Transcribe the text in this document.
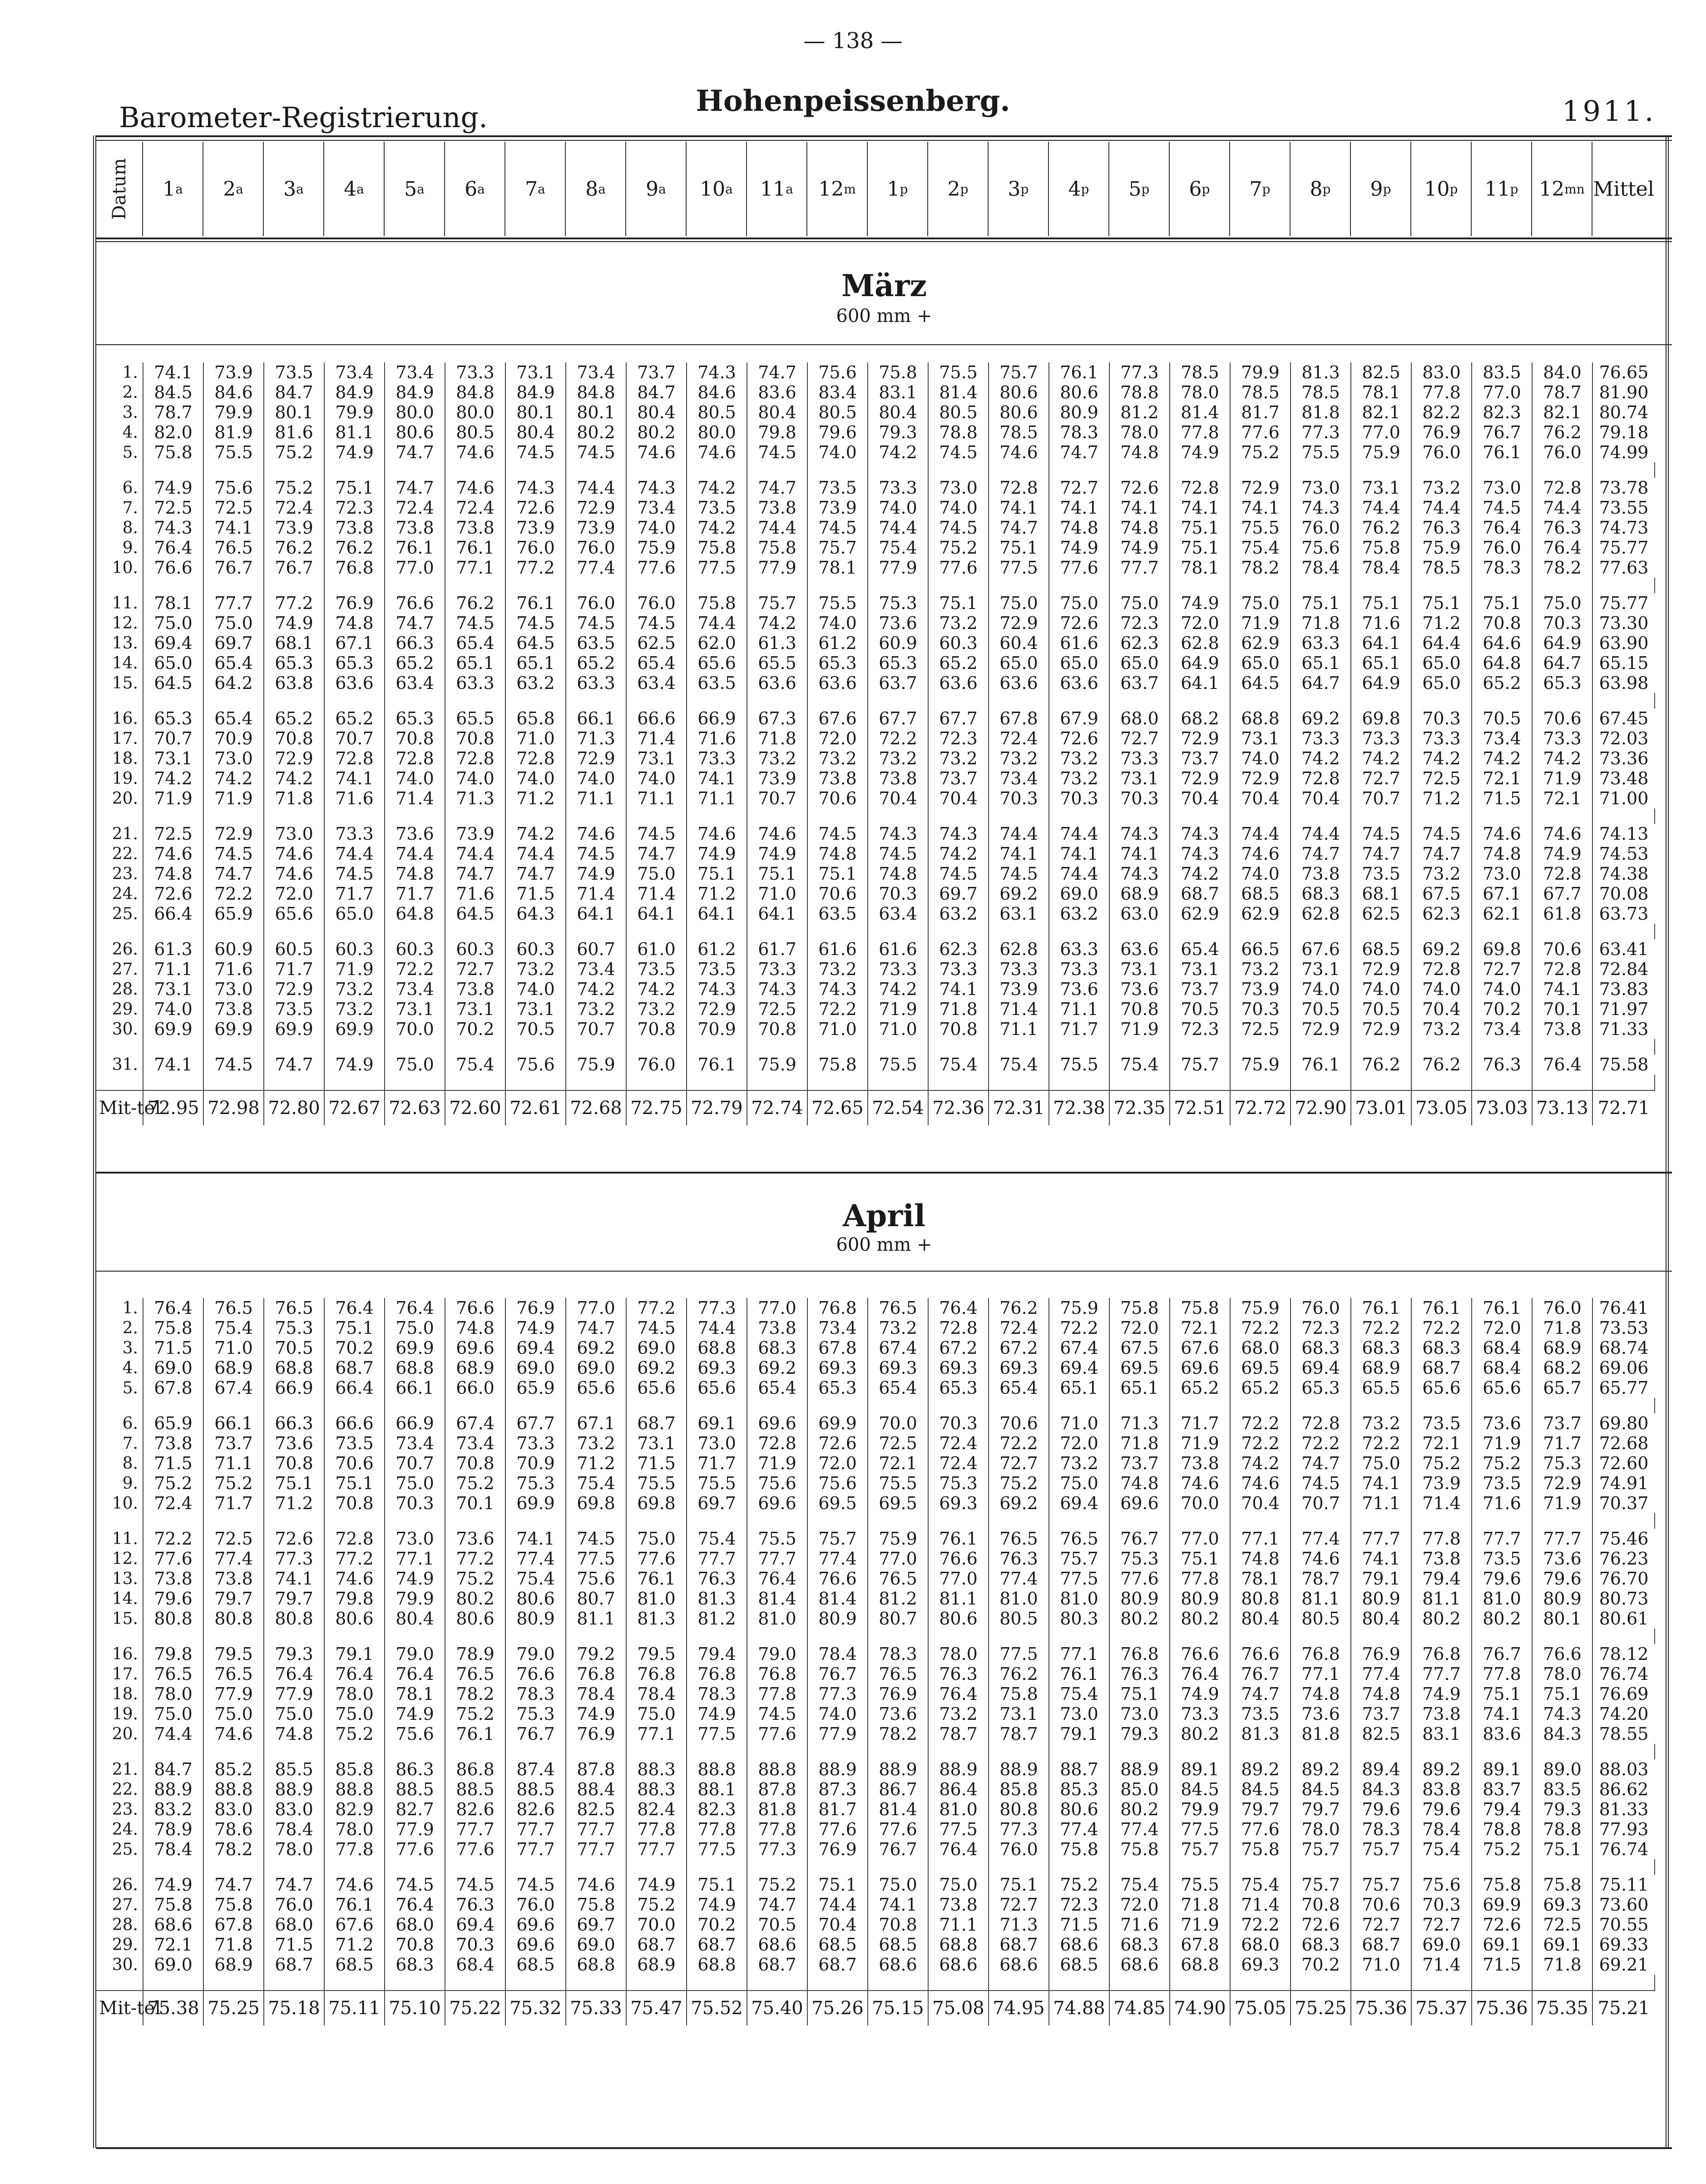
— 138 —
Barometer-Registrierung.	Hohenpeissenberg.	1911.
Datum 1 a 2 a 3 a 4 a 5 a 6 a 7 a 8 a 9 a 10 a 11 a 12 m 1 p 2 p 3 p 4 p 5 p 6 p 7 p 8 p 9 p 10 p 11 p 12 mn Mittel
März
600 mm +
1.	74.1	73.9	73.5	73.4	73.4	73.3	73.1	73.4	73.7	74.3	74.7	75.6	75.8	75.5	75.7	76.1	77.3	78.5	79.9	81.3	82.5	83.0	83.5	84.0	76.65
2.	84.5	84.6	84.7	84.9	84.9	84.8	84.9	84.8	84.7	84.6	83.6	83.4	83.1	81.4	80.6	80.6	78.8	78.0	78.5	78.5	78.1	77.8	77.0	78.7	81.90
3.	78.7	79.9	80.1	79.9	80.0	80.0	80.1	80.1	80.4	80.5	80.4	80.5	80.4	80.5	80.6	80.9	81.2	81.4	81.7	81.8	82.1	82.2	82.3	82.1	80.74
4.	82.0	81.9	81.6	81.1	80.6	80.5	80.4	80.2	80.2	80.0	79.8	79.6	79.3	78.8	78.5	78.3	78.0	77.8	77.6	77.3	77.0	76.9	76.7	76.2	79.18
5.	75.8	75.5	75.2	74.9	74.7	74.6	74.5	74.5	74.6	74.6	74.5	74.0	74.2	74.5	74.6	74.7	74.8	74.9	75.2	75.5	75.9	76.0	76.1	76.0	74.99

6.	74.9	75.6	75.2	75.1	74.7	74.6	74.3	74.4	74.3	74.2	74.7	73.5	73.3	73.0	72.8	72.7	72.6	72.8	72.9	73.0	73.1	73.2	73.0	72.8	73.78
7.	72.5	72.5	72.4	72.3	72.4	72.4	72.6	72.9	73.4	73.5	73.8	73.9	74.0	74.0	74.1	74.1	74.1	74.1	74.1	74.3	74.4	74.4	74.5	74.4	73.55
8.	74.3	74.1	73.9	73.8	73.8	73.8	73.9	73.9	74.0	74.2	74.4	74.5	74.4	74.5	74.7	74.8	74.8	75.1	75.5	76.0	76.2	76.3	76.4	76.3	74.73
9.	76.4	76.5	76.2	76.2	76.1	76.1	76.0	76.0	75.9	75.8	75.8	75.7	75.4	75.2	75.1	74.9	74.9	75.1	75.4	75.6	75.8	75.9	76.0	76.4	75.77
10.	76.6	76.7	76.7	76.8	77.0	77.1	77.2	77.4	77.6	77.5	77.9	78.1	77.9	77.6	77.5	77.6	77.7	78.1	78.2	78.4	78.4	78.5	78.3	78.2	77.63

11.	78.1	77.7	77.2	76.9	76.6	76.2	76.1	76.0	76.0	75.8	75.7	75.5	75.3	75.1	75.0	75.0	75.0	74.9	75.0	75.1	75.1	75.1	75.1	75.0	75.77
12.	75.0	75.0	74.9	74.8	74.7	74.5	74.5	74.5	74.5	74.4	74.2	74.0	73.6	73.2	72.9	72.6	72.3	72.0	71.9	71.8	71.6	71.2	70.8	70.3	73.30
13.	69.4	69.7	68.1	67.1	66.3	65.4	64.5	63.5	62.5	62.0	61.3	61.2	60.9	60.3	60.4	61.6	62.3	62.8	62.9	63.3	64.1	64.4	64.6	64.9	63.90
14.	65.0	65.4	65.3	65.3	65.2	65.1	65.1	65.2	65.4	65.6	65.5	65.3	65.3	65.2	65.0	65.0	65.0	64.9	65.0	65.1	65.1	65.0	64.8	64.7	65.15
15.	64.5	64.2	63.8	63.6	63.4	63.3	63.2	63.3	63.4	63.5	63.6	63.6	63.7	63.6	63.6	63.6	63.7	64.1	64.5	64.7	64.9	65.0	65.2	65.3	63.98

16.	65.3	65.4	65.2	65.2	65.3	65.5	65.8	66.1	66.6	66.9	67.3	67.6	67.7	67.7	67.8	67.9	68.0	68.2	68.8	69.2	69.8	70.3	70.5	70.6	67.45
17.	70.7	70.9	70.8	70.7	70.8	70.8	71.0	71.3	71.4	71.6	71.8	72.0	72.2	72.3	72.4	72.6	72.7	72.9	73.1	73.3	73.3	73.3	73.4	73.3	72.03
18.	73.1	73.0	72.9	72.8	72.8	72.8	72.8	72.9	73.1	73.3	73.2	73.2	73.2	73.2	73.2	73.2	73.3	73.7	74.0	74.2	74.2	74.2	74.2	74.2	73.36
19.	74.2	74.2	74.2	74.1	74.0	74.0	74.0	74.0	74.0	74.1	73.9	73.8	73.8	73.7	73.4	73.2	73.1	72.9	72.9	72.8	72.7	72.5	72.1	71.9	73.48
20.	71.9	71.9	71.8	71.6	71.4	71.3	71.2	71.1	71.1	71.1	70.7	70.6	70.4	70.4	70.3	70.3	70.3	70.4	70.4	70.4	70.7	71.2	71.5	72.1	71.00

21.	72.5	72.9	73.0	73.3	73.6	73.9	74.2	74.6	74.5	74.6	74.6	74.5	74.3	74.3	74.4	74.4	74.3	74.3	74.4	74.4	74.5	74.5	74.6	74.6	74.13
22.	74.6	74.5	74.6	74.4	74.4	74.4	74.4	74.5	74.7	74.9	74.9	74.8	74.5	74.2	74.1	74.1	74.1	74.3	74.6	74.7	74.7	74.7	74.8	74.9	74.53
23.	74.8	74.7	74.6	74.5	74.8	74.7	74.7	74.9	75.0	75.1	75.1	75.1	74.8	74.5	74.5	74.4	74.3	74.2	74.0	73.8	73.5	73.2	73.0	72.8	74.38
24.	72.6	72.2	72.0	71.7	71.7	71.6	71.5	71.4	71.4	71.2	71.0	70.6	70.3	69.7	69.2	69.0	68.9	68.7	68.5	68.3	68.1	67.5	67.1	67.7	70.08
25.	66.4	65.9	65.6	65.0	64.8	64.5	64.3	64.1	64.1	64.1	64.1	63.5	63.4	63.2	63.1	63.2	63.0	62.9	62.9	62.8	62.5	62.3	62.1	61.8	63.73

26.	61.3	60.9	60.5	60.3	60.3	60.3	60.3	60.7	61.0	61.2	61.7	61.6	61.6	62.3	62.8	63.3	63.6	65.4	66.5	67.6	68.5	69.2	69.8	70.6	63.41
27.	71.1	71.6	71.7	71.9	72.2	72.7	73.2	73.4	73.5	73.5	73.3	73.2	73.3	73.3	73.3	73.3	73.1	73.1	73.2	73.1	72.9	72.8	72.7	72.8	72.84
28.	73.1	73.0	72.9	73.2	73.4	73.8	74.0	74.2	74.2	74.3	74.3	74.3	74.2	74.1	73.9	73.6	73.6	73.7	73.9	74.0	74.0	74.0	74.0	74.1	73.83
29.	74.0	73.8	73.5	73.2	73.1	73.1	73.1	73.2	73.2	72.9	72.5	72.2	71.9	71.8	71.4	71.1	70.8	70.5	70.3	70.5	70.5	70.4	70.2	70.1	71.97
30.	69.9	69.9	69.9	69.9	70.0	70.2	70.5	70.7	70.8	70.9	70.8	71.0	71.0	70.8	71.1	71.7	71.9	72.3	72.5	72.9	72.9	73.2	73.4	73.8	71.33

31.	74.1	74.5	74.7	74.9	75.0	75.4	75.6	75.9	76.0	76.1	75.9	75.8	75.5	75.4	75.4	75.5	75.4	75.7	75.9	76.1	76.2	76.2	76.3	76.4	75.58

Mit-tel	72.95	72.98	72.80	72.67	72.63	72.60	72.61	72.68	72.75	72.79	72.74	72.65	72.54	72.36	72.31	72.38	72.35	72.51	72.72	72.90	73.01	73.05	73.03	73.13	72.71
April
600 mm +
1.	76.4	76.5	76.5	76.4	76.4	76.6	76.9	77.0	77.2	77.3	77.0	76.8	76.5	76.4	76.2	75.9	75.8	75.8	75.9	76.0	76.1	76.1	76.1	76.0	76.41
2.	75.8	75.4	75.3	75.1	75.0	74.8	74.9	74.7	74.5	74.4	73.8	73.4	73.2	72.8	72.4	72.2	72.0	72.1	72.2	72.3	72.2	72.2	72.0	71.8	73.53
3.	71.5	71.0	70.5	70.2	69.9	69.6	69.4	69.2	69.0	68.8	68.3	67.8	67.4	67.2	67.2	67.4	67.5	67.6	68.0	68.3	68.3	68.3	68.4	68.9	68.74
4.	69.0	68.9	68.8	68.7	68.8	68.9	69.0	69.0	69.2	69.3	69.2	69.3	69.3	69.3	69.3	69.4	69.5	69.6	69.5	69.4	68.9	68.7	68.4	68.2	69.06
5.	67.8	67.4	66.9	66.4	66.1	66.0	65.9	65.6	65.6	65.6	65.4	65.3	65.4	65.3	65.4	65.1	65.1	65.2	65.2	65.3	65.5	65.6	65.6	65.7	65.77

6.	65.9	66.1	66.3	66.6	66.9	67.4	67.7	67.1	68.7	69.1	69.6	69.9	70.0	70.3	70.6	71.0	71.3	71.7	72.2	72.8	73.2	73.5	73.6	73.7	69.80
7.	73.8	73.7	73.6	73.5	73.4	73.4	73.3	73.2	73.1	73.0	72.8	72.6	72.5	72.4	72.2	72.0	71.8	71.9	72.2	72.2	72.2	72.1	71.9	71.7	72.68
8.	71.5	71.1	70.8	70.6	70.7	70.8	70.9	71.2	71.5	71.7	71.9	72.0	72.1	72.4	72.7	73.2	73.7	73.8	74.2	74.7	75.0	75.2	75.2	75.3	72.60
9.	75.2	75.2	75.1	75.1	75.0	75.2	75.3	75.4	75.5	75.5	75.6	75.6	75.5	75.3	75.2	75.0	74.8	74.6	74.6	74.5	74.1	73.9	73.5	72.9	74.91
10.	72.4	71.7	71.2	70.8	70.3	70.1	69.9	69.8	69.8	69.7	69.6	69.5	69.5	69.3	69.2	69.4	69.6	70.0	70.4	70.7	71.1	71.4	71.6	71.9	70.37

11.	72.2	72.5	72.6	72.8	73.0	73.6	74.1	74.5	75.0	75.4	75.5	75.7	75.9	76.1	76.5	76.5	76.7	77.0	77.1	77.4	77.7	77.8	77.7	77.7	75.46
12.	77.6	77.4	77.3	77.2	77.1	77.2	77.4	77.5	77.6	77.7	77.7	77.4	77.0	76.6	76.3	75.7	75.3	75.1	74.8	74.6	74.1	73.8	73.5	73.6	76.23
13.	73.8	73.8	74.1	74.6	74.9	75.2	75.4	75.6	76.1	76.3	76.4	76.6	76.5	77.0	77.4	77.5	77.6	77.8	78.1	78.7	79.1	79.4	79.6	79.6	76.70
14.	79.6	79.7	79.7	79.8	79.9	80.2	80.6	80.7	81.0	81.3	81.4	81.4	81.2	81.1	81.0	81.0	80.9	80.9	80.8	81.1	80.9	81.1	81.0	80.9	80.73
15.	80.8	80.8	80.8	80.6	80.4	80.6	80.9	81.1	81.3	81.2	81.0	80.9	80.7	80.6	80.5	80.3	80.2	80.2	80.4	80.5	80.4	80.2	80.2	80.1	80.61

16.	79.8	79.5	79.3	79.1	79.0	78.9	79.0	79.2	79.5	79.4	79.0	78.4	78.3	78.0	77.5	77.1	76.8	76.6	76.6	76.8	76.9	76.8	76.7	76.6	78.12
17.	76.5	76.5	76.4	76.4	76.4	76.5	76.6	76.8	76.8	76.8	76.8	76.7	76.5	76.3	76.2	76.1	76.3	76.4	76.7	77.1	77.4	77.7	77.8	78.0	76.74
18.	78.0	77.9	77.9	78.0	78.1	78.2	78.3	78.4	78.4	78.3	77.8	77.3	76.9	76.4	75.8	75.4	75.1	74.9	74.7	74.8	74.8	74.9	75.1	75.1	76.69
19.	75.0	75.0	75.0	75.0	74.9	75.2	75.3	74.9	75.0	74.9	74.5	74.0	73.6	73.2	73.1	73.0	73.0	73.3	73.5	73.6	73.7	73.8	74.1	74.3	74.20
20.	74.4	74.6	74.8	75.2	75.6	76.1	76.7	76.9	77.1	77.5	77.6	77.9	78.2	78.7	78.7	79.1	79.3	80.2	81.3	81.8	82.5	83.1	83.6	84.3	78.55

21.	84.7	85.2	85.5	85.8	86.3	86.8	87.4	87.8	88.3	88.8	88.8	88.9	88.9	88.9	88.9	88.7	88.9	89.1	89.2	89.2	89.4	89.2	89.1	89.0	88.03
22.	88.9	88.8	88.9	88.8	88.5	88.5	88.5	88.4	88.3	88.1	87.8	87.3	86.7	86.4	85.8	85.3	85.0	84.5	84.5	84.5	84.3	83.8	83.7	83.5	86.62
23.	83.2	83.0	83.0	82.9	82.7	82.6	82.6	82.5	82.4	82.3	81.8	81.7	81.4	81.0	80.8	80.6	80.2	79.9	79.7	79.7	79.6	79.6	79.4	79.3	81.33
24.	78.9	78.6	78.4	78.0	77.9	77.7	77.7	77.7	77.8	77.8	77.8	77.6	77.6	77.5	77.3	77.4	77.4	77.5	77.6	78.0	78.3	78.4	78.8	78.8	77.93
25.	78.4	78.2	78.0	77.8	77.6	77.6	77.7	77.7	77.7	77.5	77.3	76.9	76.7	76.4	76.0	75.8	75.8	75.7	75.8	75.7	75.7	75.4	75.2	75.1	76.74

26.	74.9	74.7	74.7	74.6	74.5	74.5	74.5	74.6	74.9	75.1	75.2	75.1	75.0	75.0	75.1	75.2	75.4	75.5	75.4	75.7	75.7	75.6	75.8	75.8	75.11
27.	75.8	75.8	76.0	76.1	76.4	76.3	76.0	75.8	75.2	74.9	74.7	74.4	74.1	73.8	72.7	72.3	72.0	71.8	71.4	70.8	70.6	70.3	69.9	69.3	73.60
28.	68.6	67.8	68.0	67.6	68.0	69.4	69.6	69.7	70.0	70.2	70.5	70.4	70.8	71.1	71.3	71.5	71.6	71.9	72.2	72.6	72.7	72.7	72.6	72.5	70.55
29.	72.1	71.8	71.5	71.2	70.8	70.3	69.6	69.0	68.7	68.7	68.6	68.5	68.5	68.8	68.7	68.6	68.3	67.8	68.0	68.3	68.7	69.0	69.1	69.1	69.33
30.	69.0	68.9	68.7	68.5	68.3	68.4	68.5	68.8	68.9	68.8	68.7	68.7	68.6	68.6	68.6	68.5	68.6	68.8	69.3	70.2	71.0	71.4	71.5	71.8	69.21

Mit-tel	75.38	75.25	75.18	75.11	75.10	75.22	75.32	75.33	75.47	75.52	75.40	75.26	75.15	75.08	74.95	74.88	74.85	74.90	75.05	75.25	75.36	75.37	75.36	75.35	75.21
